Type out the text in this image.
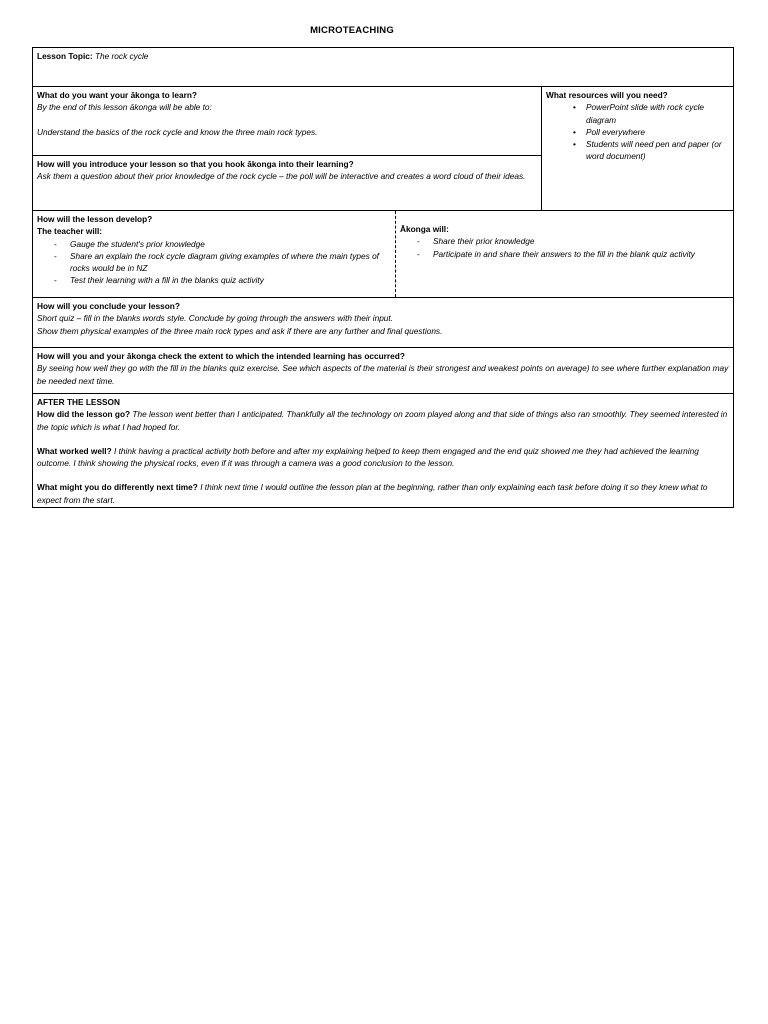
MICROTEACHING
Lesson Topic: The rock cycle
What do you want your ākonga to learn?
By the end of this lesson ākonga will be able to:
Understand the basics of the rock cycle and know the three main rock types.
How will you introduce your lesson so that you hook ākonga into their learning?
Ask them a question about their prior knowledge of the rock cycle – the poll will be interactive and creates a word cloud of their ideas.
What resources will you need?
• PowerPoint slide with rock cycle diagram
• Poll everywhere
• Students will need pen and paper (or word document)
How will the lesson develop?
The teacher will:
- Gauge the student's prior knowledge
- Share an explain the rock cycle diagram giving examples of where the main types of rocks would be in NZ
- Test their learning with a fill in the blanks quiz activity
Ākonga will:
- Share their prior knowledge
- Participate in and share their answers to the fill in the blank quiz activity
How will you conclude your lesson?
Short quiz – fill in the blanks words style. Conclude by going through the answers with their input.
Show them physical examples of the three main rock types and ask if there are any further and final questions.
How will you and your ākonga check the extent to which the intended learning has occurred?
By seeing how well they go with the fill in the blanks quiz exercise. See which aspects of the material is their strongest and weakest points on average) to see where further explanation may be needed next time.
AFTER THE LESSON
How did the lesson go? The lesson went better than I anticipated. Thankfully all the technology on zoom played along and that side of things also ran smoothly. They seemed interested in the topic which is what I had hoped for.
What worked well? I think having a practical activity both before and after my explaining helped to keep them engaged and the end quiz showed me they had achieved the learning outcome. I think showing the physical rocks, even if it was through a camera was a good conclusion to the lesson.
What might you do differently next time? I think next time I would outline the lesson plan at the beginning, rather than only explaining each task before doing it so they knew what to expect from the start.
